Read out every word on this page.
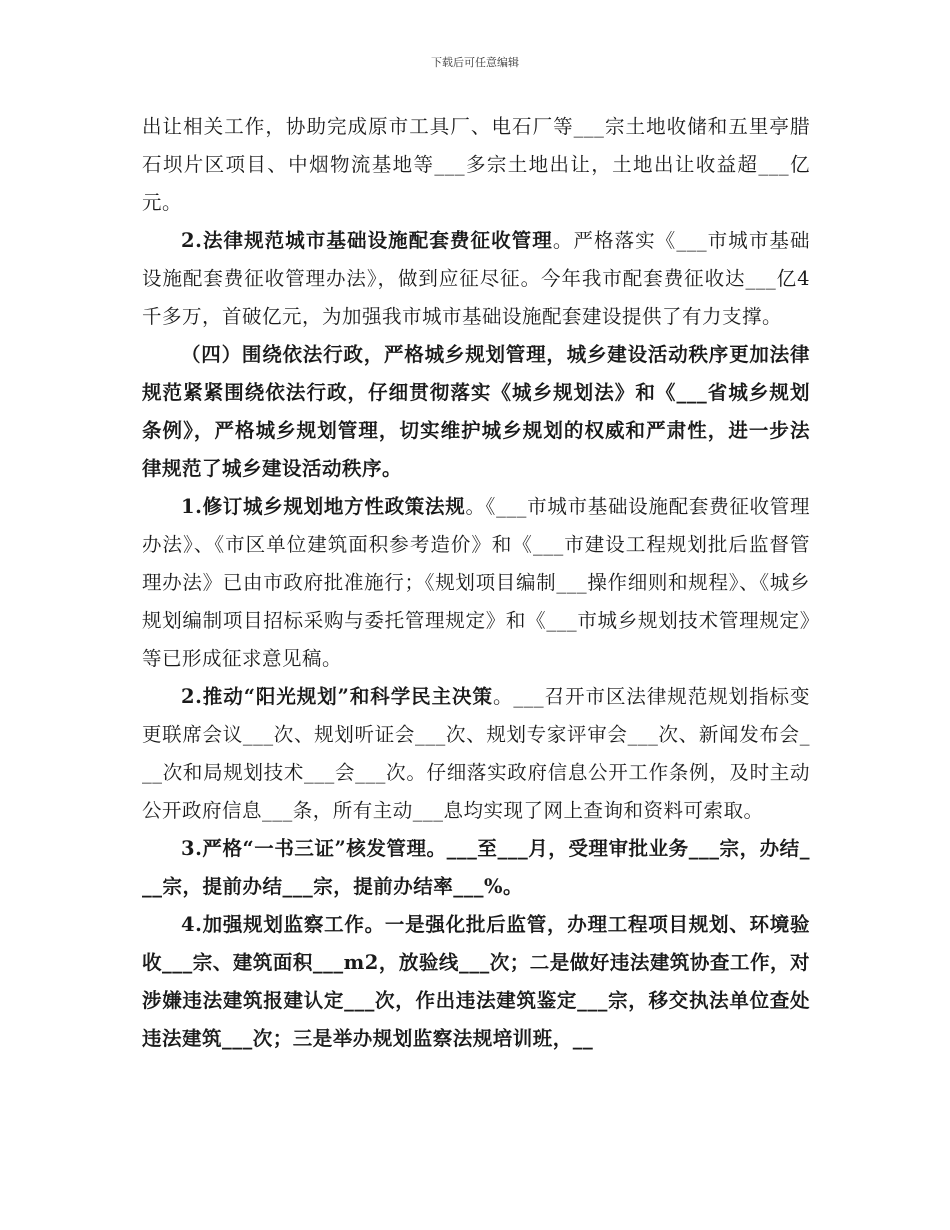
下载后可任意编辑

出让相关工作，协助完成原市工具厂、电石厂等___宗土地收储和五里亭腊石坝片区项目、中烟物流基地等___多宗土地出让，土地出让收益超___亿元。

2.法律规范城市基础设施配套费征收管理。严格落实《___市城市基础设施配套费征收管理办法》，做到应征尽征。今年我市配套费征收达___亿4千多万，首破亿元，为加强我市城市基础设施配套建设提供了有力支撑。

（四）围绕依法行政，严格城乡规划管理，城乡建设活动秩序更加法律规范紧紧围绕依法行政，仔细贯彻落实《城乡规划法》和《___省城乡规划条例》，严格城乡规划管理，切实维护城乡规划的权威和严肃性，进一步法律规范了城乡建设活动秩序。

1.修订城乡规划地方性政策法规。《___市城市基础设施配套费征收管理办法》、《市区单位建筑面积参考造价》和《___市建设工程规划批后监督管理办法》已由市政府批准施行；《规划项目编制___操作细则和规程》、《城乡规划编制项目招标采购与委托管理规定》和《___市城乡规划技术管理规定》等已形成征求意见稿。

2.推动“阳光规划”和科学民主决策。___召开市区法律规范规划指标变更联席会议___次、规划听证会___次、规划专家评审会___次、新闻发布会___次和局规划技术___会___次。仔细落实政府信息公开工作条例，及时主动公开政府信息___条，所有主动___息均实现了网上查询和资料可索取。

3.严格“一书三证”核发管理。___至___月，受理审批业务___宗，办结___宗，提前办结___宗，提前办结率___%。

4.加强规划监察工作。一是强化批后监管，办理工程项目规划、环境验收___宗、建筑面积___m2，放验线___次；二是做好违法建筑协查工作，对涉嫌违法建筑报建认定___次，作出违法建筑鉴定___宗，移交执法单位查处违法建筑___次；三是举办规划监察法规培训班，__
